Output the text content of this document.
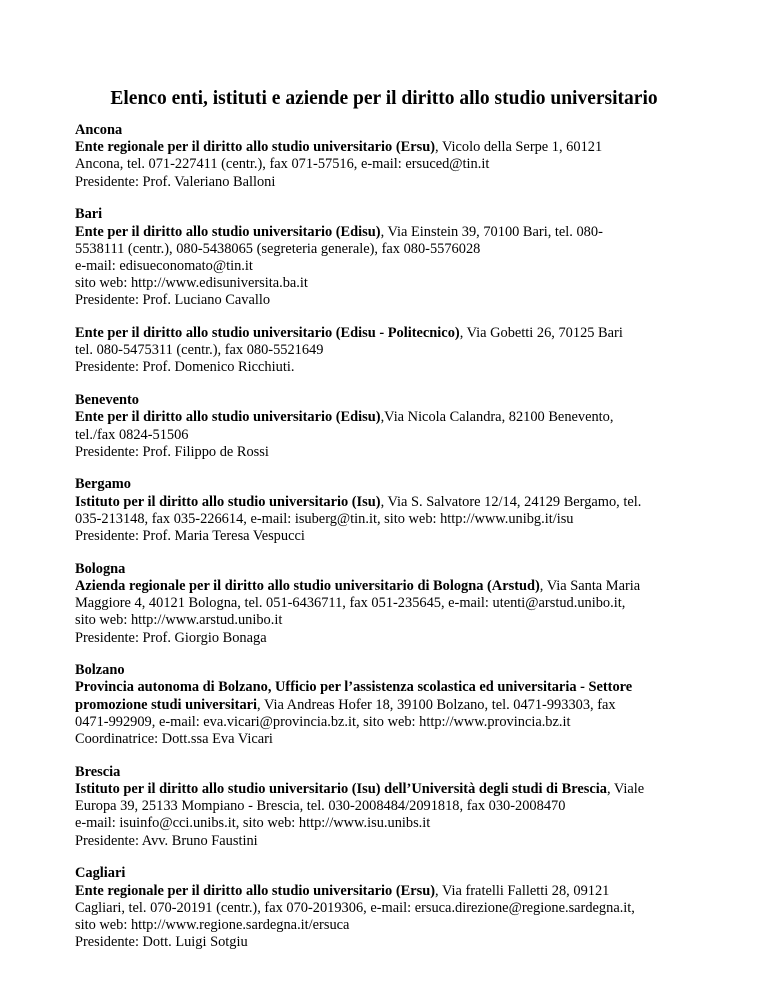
Elenco enti, istituti e aziende per il diritto allo studio universitario
Ancona
Ente regionale per il diritto allo studio universitario (Ersu), Vicolo della Serpe 1, 60121
Ancona, tel. 071-227411 (centr.), fax 071-57516, e-mail: ersuced@tin.it
Presidente: Prof. Valeriano Balloni
Bari
Ente per il diritto allo studio universitario (Edisu), Via Einstein 39, 70100 Bari, tel. 080-
5538111 (centr.), 080-5438065 (segreteria generale), fax 080-5576028
e-mail: edisueconomato@tin.it
sito web: http://www.edisuniversita.ba.it
Presidente: Prof. Luciano Cavallo
Ente per il diritto allo studio universitario (Edisu - Politecnico), Via Gobetti 26, 70125 Bari
tel. 080-5475311 (centr.), fax 080-5521649
Presidente: Prof. Domenico Ricchiuti.
Benevento
Ente per il diritto allo studio universitario (Edisu),Via Nicola Calandra, 82100 Benevento,
tel./fax 0824-51506
Presidente: Prof. Filippo de Rossi
Bergamo
Istituto per il diritto allo studio universitario (Isu), Via S. Salvatore 12/14, 24129 Bergamo, tel.
035-213148, fax 035-226614, e-mail: isuberg@tin.it, sito web: http://www.unibg.it/isu
Presidente: Prof. Maria Teresa Vespucci
Bologna
Azienda regionale per il diritto allo studio universitario di Bologna (Arstud), Via Santa Maria
Maggiore 4, 40121 Bologna, tel. 051-6436711, fax 051-235645, e-mail: utenti@arstud.unibo.it,
sito web: http://www.arstud.unibo.it
Presidente: Prof. Giorgio Bonaga
Bolzano
Provincia autonoma di Bolzano, Ufficio per l’assistenza scolastica ed universitaria - Settore
promozione studi universitari, Via Andreas Hofer 18, 39100 Bolzano, tel. 0471-993303, fax
0471-992909, e-mail: eva.vicari@provincia.bz.it, sito web: http://www.provincia.bz.it
Coordinatrice: Dott.ssa Eva Vicari
Brescia
Istituto per il diritto allo studio universitario (Isu) dell’Università degli studi di Brescia, Viale
Europa 39, 25133 Mompiano - Brescia, tel. 030-2008484/2091818, fax 030-2008470
e-mail: isuinfo@cci.unibs.it, sito web: http://www.isu.unibs.it
Presidente: Avv. Bruno Faustini
Cagliari
Ente regionale per il diritto allo studio universitario (Ersu), Via fratelli Falletti 28, 09121
Cagliari, tel. 070-20191 (centr.), fax 070-2019306, e-mail: ersuca.direzione@regione.sardegna.it,
sito web: http://www.regione.sardegna.it/ersuca
Presidente: Dott. Luigi Sotgiu
